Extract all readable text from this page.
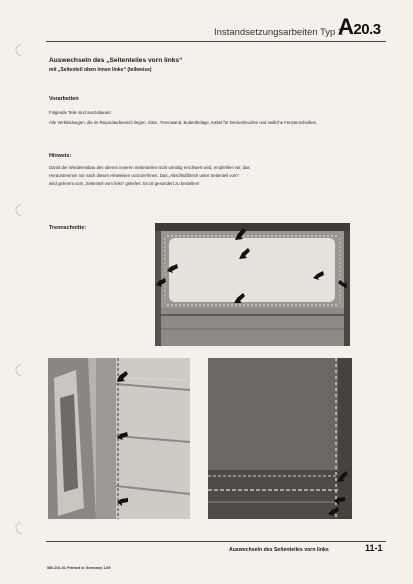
Instandsetzungsarbeiten Typ 2
A20.3
Auswechseln des „Seitenteiles vorn links“
mit „Seitenteil oben innen links“ (teilweise)
Vorarbeiten
Folgende Teile sind auszubauen:
Alle Verkleidungen, die im Reparaturbereich liegen, Sitze, Trennwand, Bodenbeläge, Kabel für Deckenleuchte und seitliche Fensterscheiben.
Hinweis:
Damit der Wiedereinbau des oberen inneren Seitenteiles nicht unnötig erschwert wird, empfehlen wir, das
Heraustrennen nur nach diesen Hinweisen vorzunehmen. Das „Abschlußblech unter Seitenteil vorn“
wird getrennt vom „Seitenteil vorn links“ geliefert. Es ist gesondert zu bestellen!
Trennschnitte:
Auswechseln des Seitenteiles vorn links	11-1
580.201.01 Printed in Germany 1.69
